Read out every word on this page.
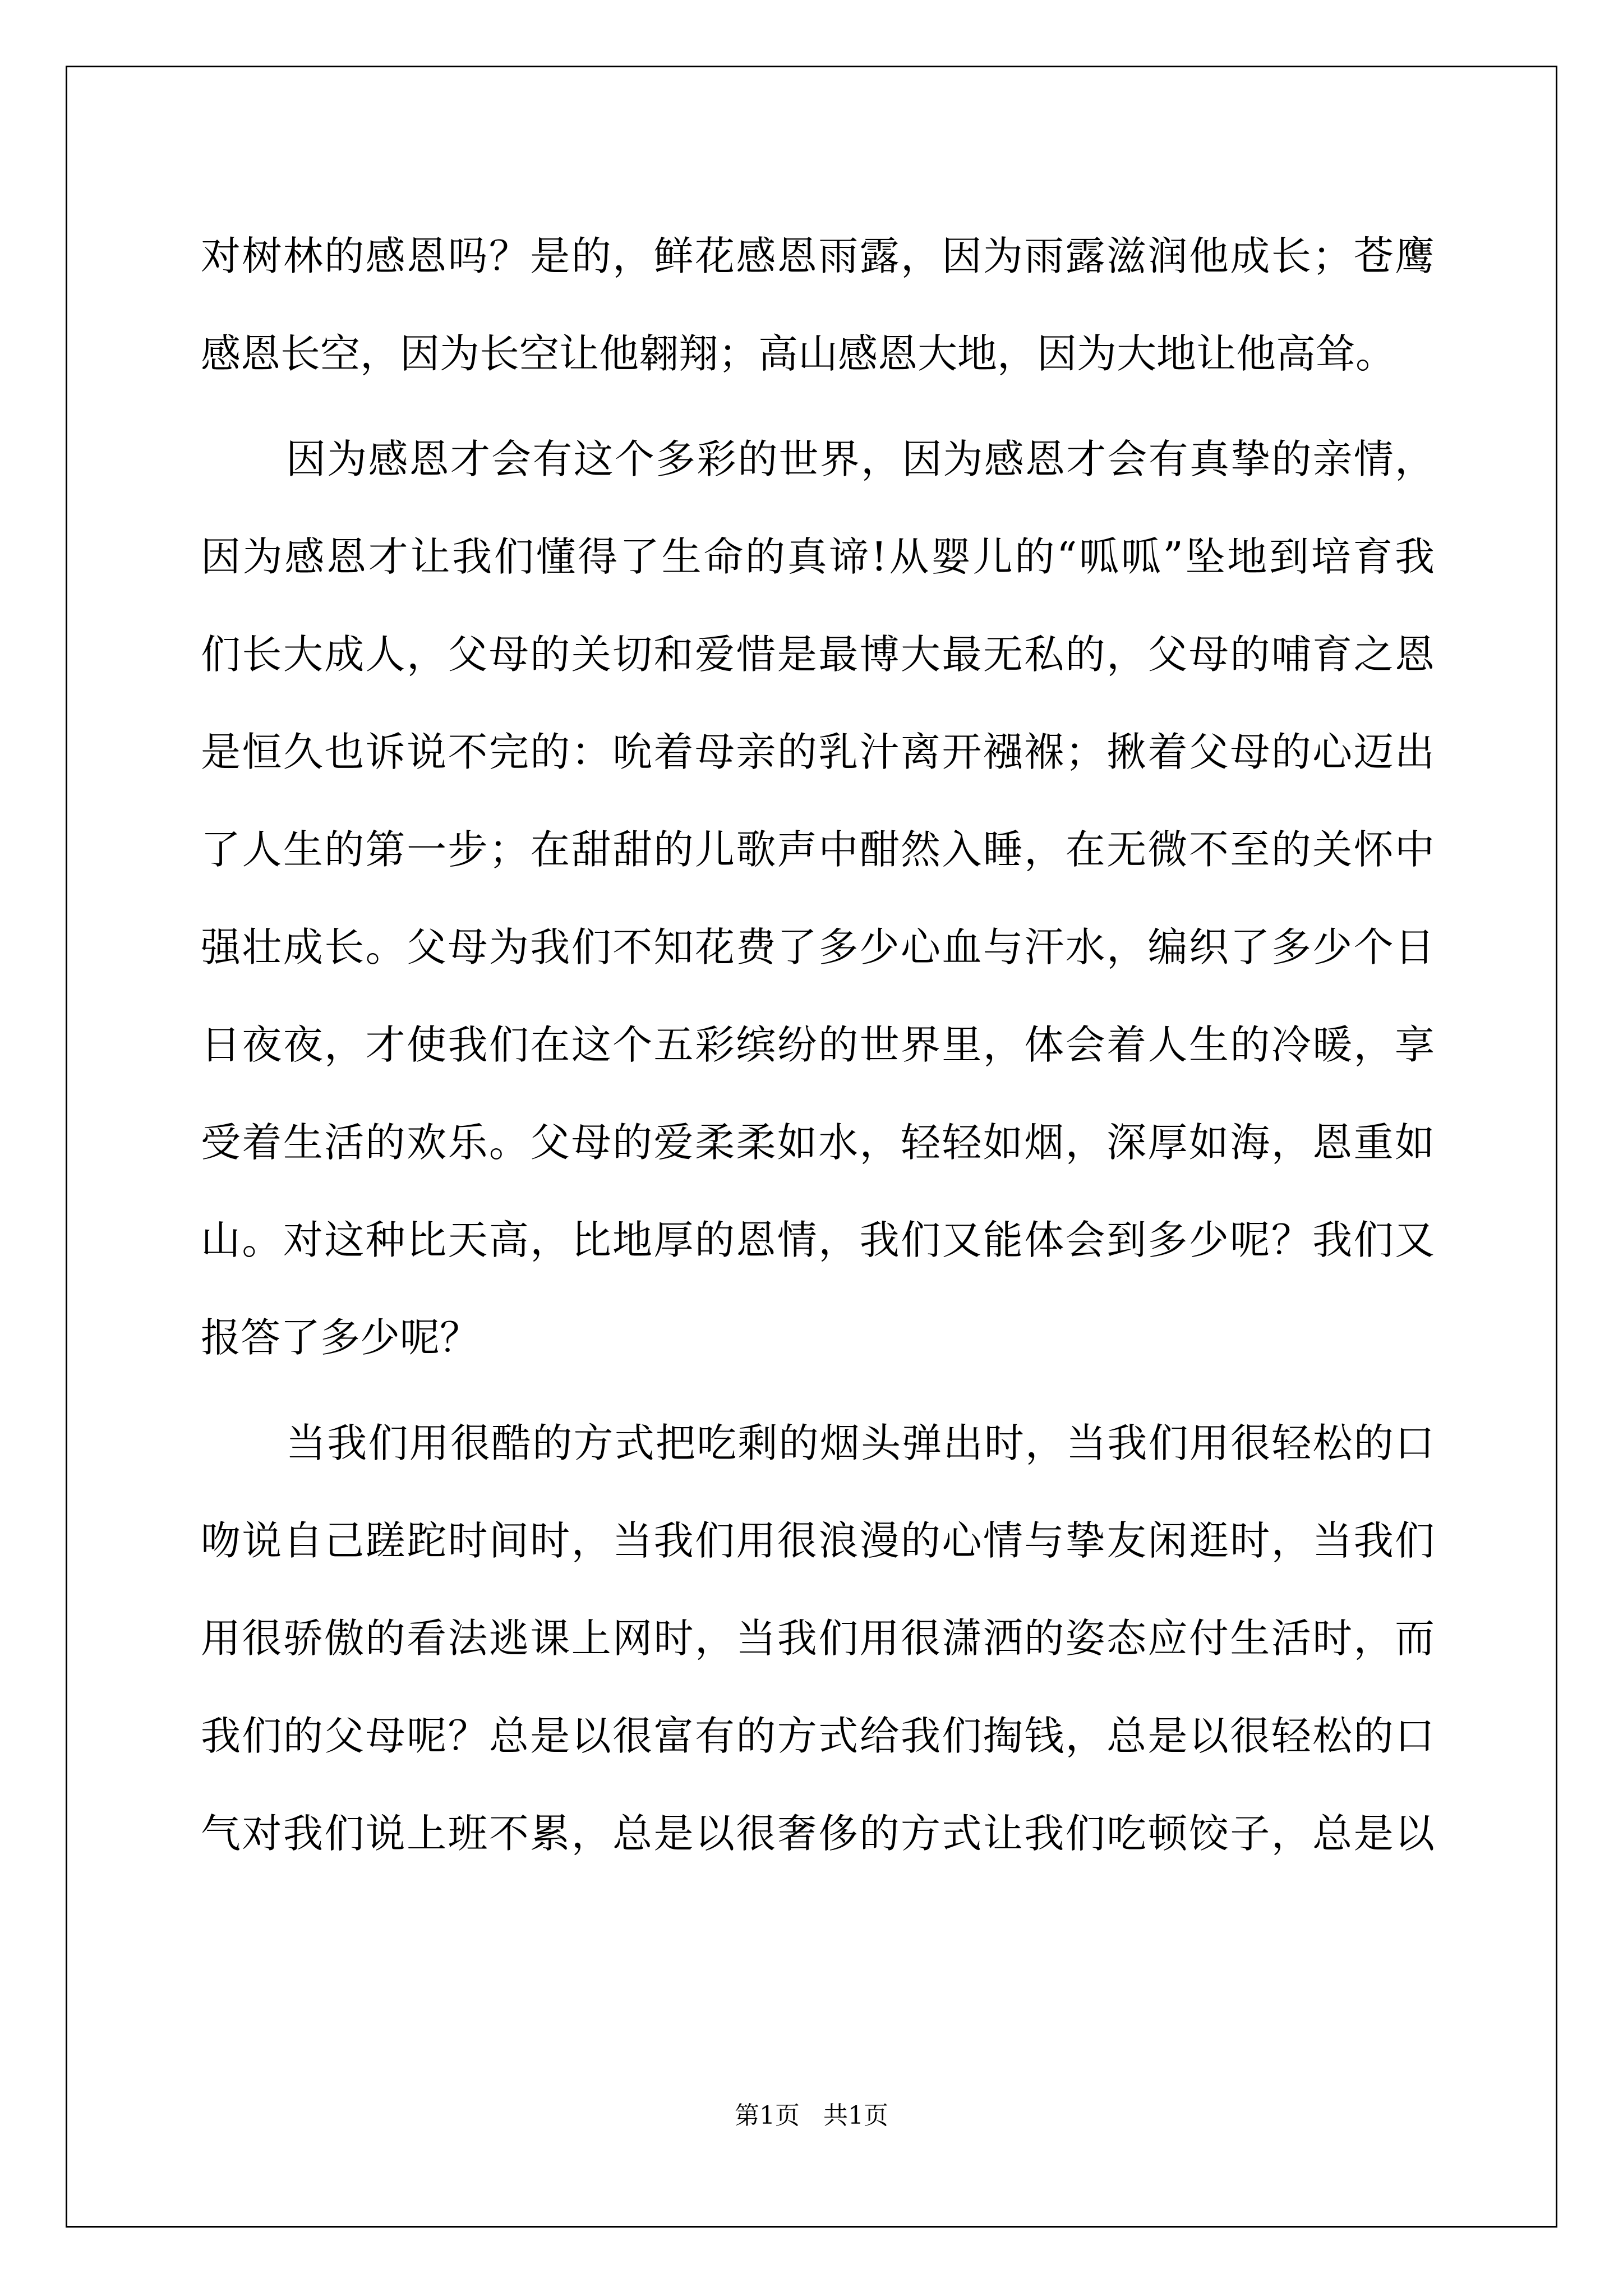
对树林的感恩吗？是的，鲜花感恩雨露，因为雨露滋润他成长；苍鹰
感恩长空，因为长空让他翱翔；高山感恩大地，因为大地让他高耸。
因为感恩才会有这个多彩的世界，因为感恩才会有真挚的亲情，
因为感恩才让我们懂得了生命的真谛!从婴儿的“呱呱”坠地到培育我
们长大成人，父母的关切和爱惜是最博大最无私的，父母的哺育之恩
是恒久也诉说不完的：吮着母亲的乳汁离开襁褓；揪着父母的心迈出
了人生的第一步；在甜甜的儿歌声中酣然入睡，在无微不至的关怀中
强壮成长。父母为我们不知花费了多少心血与汗水，编织了多少个日
日夜夜，才使我们在这个五彩缤纷的世界里，体会着人生的冷暖，享
受着生活的欢乐。父母的爱柔柔如水，轻轻如烟，深厚如海，恩重如
山。对这种比天高，比地厚的恩情，我们又能体会到多少呢？我们又
报答了多少呢？
当我们用很酷的方式把吃剩的烟头弹出时，当我们用很轻松的口
吻说自己蹉跎时间时，当我们用很浪漫的心情与挚友闲逛时，当我们
用很骄傲的看法逃课上网时，当我们用很潇洒的姿态应付生活时，而
我们的父母呢？总是以很富有的方式给我们掏钱，总是以很轻松的口
气对我们说上班不累，总是以很奢侈的方式让我们吃顿饺子，总是以
第1页   共1页
